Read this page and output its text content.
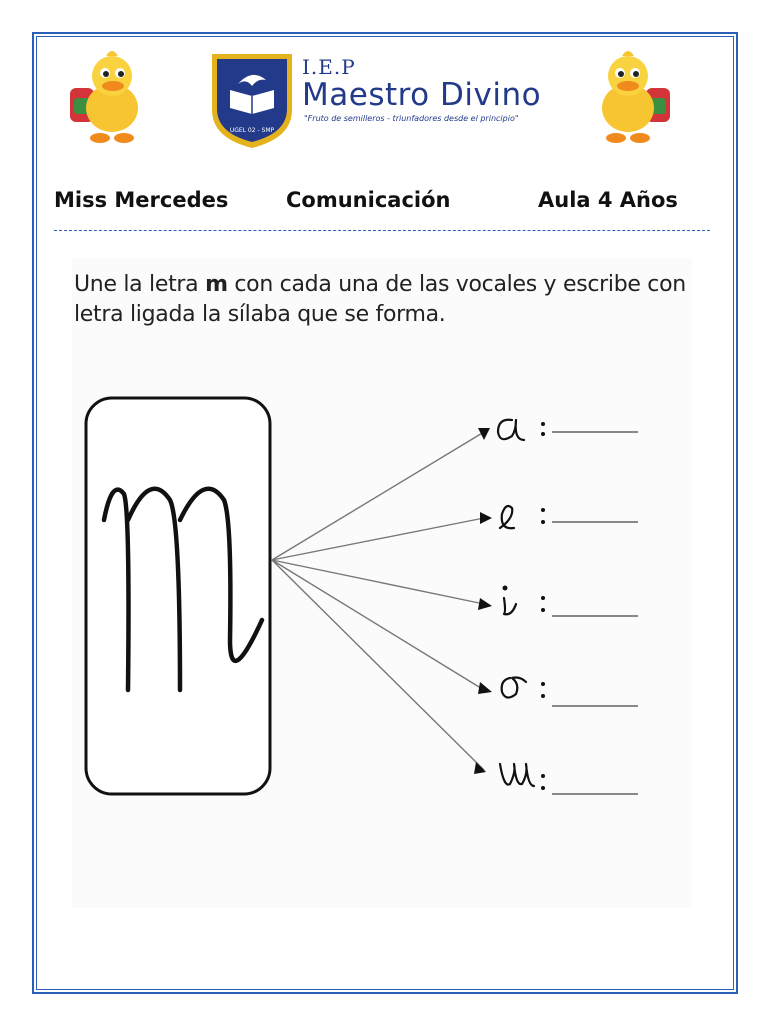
UGEL 02 - SMP

I.E.P

Maestro Divino

"Fruto de semilleros - triunfadores desde el principio"

Miss Mercedes	Comunicación	Aula 4 Años
Une la letra m con cada una de las vocales y escribe con letra ligada la sílaba que se forma.
a
e
i
o
u
